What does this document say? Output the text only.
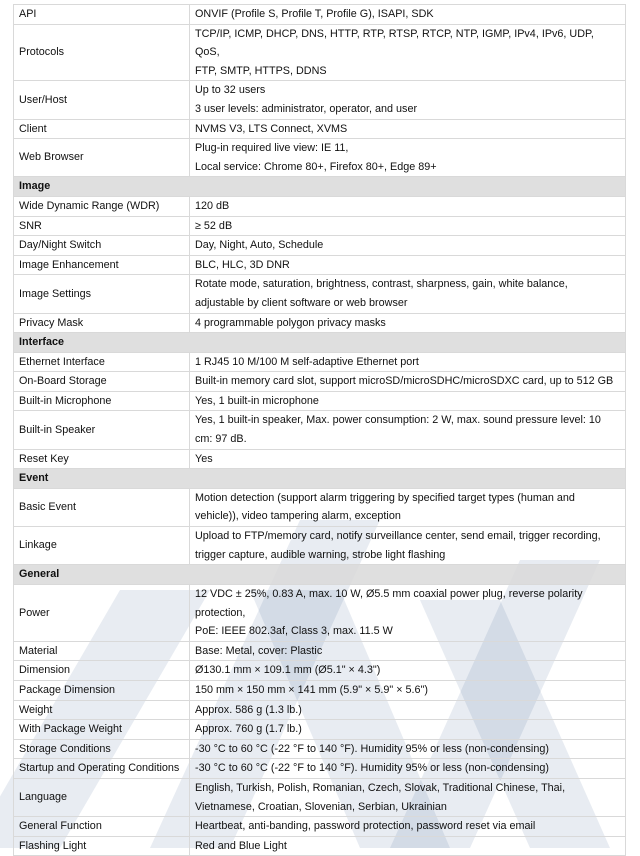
API	ONVIF (Profile S, Profile T, Profile G), ISAPI, SDK

Protocols	TCP/IP, ICMP, DHCP, DNS, HTTP, RTP, RTSP, RTCP, NTP, IGMP, IPv4, IPv6, UDP, QoS,
FTP, SMTP, HTTPS, DDNS

User/Host	Up to 32 users
3 user levels: administrator, operator, and user

Client	NVMS V3, LTS Connect, XVMS

Web Browser	Plug-in required live view: IE 11,
Local service: Chrome 80+, Firefox 80+, Edge 89+

Image	
Wide Dynamic Range (WDR)	120 dB

SNR	≥ 52 dB

Day/Night Switch	Day, Night, Auto, Schedule

Image Enhancement	BLC, HLC, 3D DNR

Image Settings	Rotate mode, saturation, brightness, contrast, sharpness, gain, white balance,
adjustable by client software or web browser

Privacy Mask	4 programmable polygon privacy masks

Interface	
Ethernet Interface	1 RJ45 10 M/100 M self-adaptive Ethernet port

On-Board Storage	Built-in memory card slot, support microSD/microSDHC/microSDXC card, up to 512 GB

Built-in Microphone	Yes, 1 built-in microphone

Built-in Speaker	Yes, 1 built-in speaker, Max. power consumption: 2 W, max. sound pressure level: 10
cm: 97 dB.

Reset Key	Yes

Event	
Basic Event	Motion detection (support alarm triggering by specified target types (human and
vehicle)), video tampering alarm, exception

Linkage	Upload to FTP/memory card, notify surveillance center, send email, trigger recording,
trigger capture, audible warning, strobe light flashing

General	
Power	12 VDC ± 25%, 0.83 A, max. 10 W, Ø5.5 mm coaxial power plug, reverse polarity
protection,
PoE: IEEE 802.3af, Class 3, max. 11.5 W

Material	Base: Metal, cover: Plastic

Dimension	Ø130.1 mm × 109.1 mm (Ø5.1" × 4.3")

Package Dimension	150 mm × 150 mm × 141 mm (5.9" × 5.9" × 5.6")

Weight	Approx. 586 g (1.3 lb.)

With Package Weight	Approx. 760 g (1.7 lb.)

Storage Conditions	-30 °C to 60 °C (-22 °F to 140 °F). Humidity 95% or less (non-condensing)

Startup and Operating Conditions	-30 °C to 60 °C (-22 °F to 140 °F). Humidity 95% or less (non-condensing)

Language	English, Turkish, Polish, Romanian, Czech, Slovak, Traditional Chinese, Thai,
Vietnamese, Croatian, Slovenian, Serbian, Ukrainian

General Function	Heartbeat, anti-banding, password protection, password reset via email

Flashing Light	Red and Blue Light
